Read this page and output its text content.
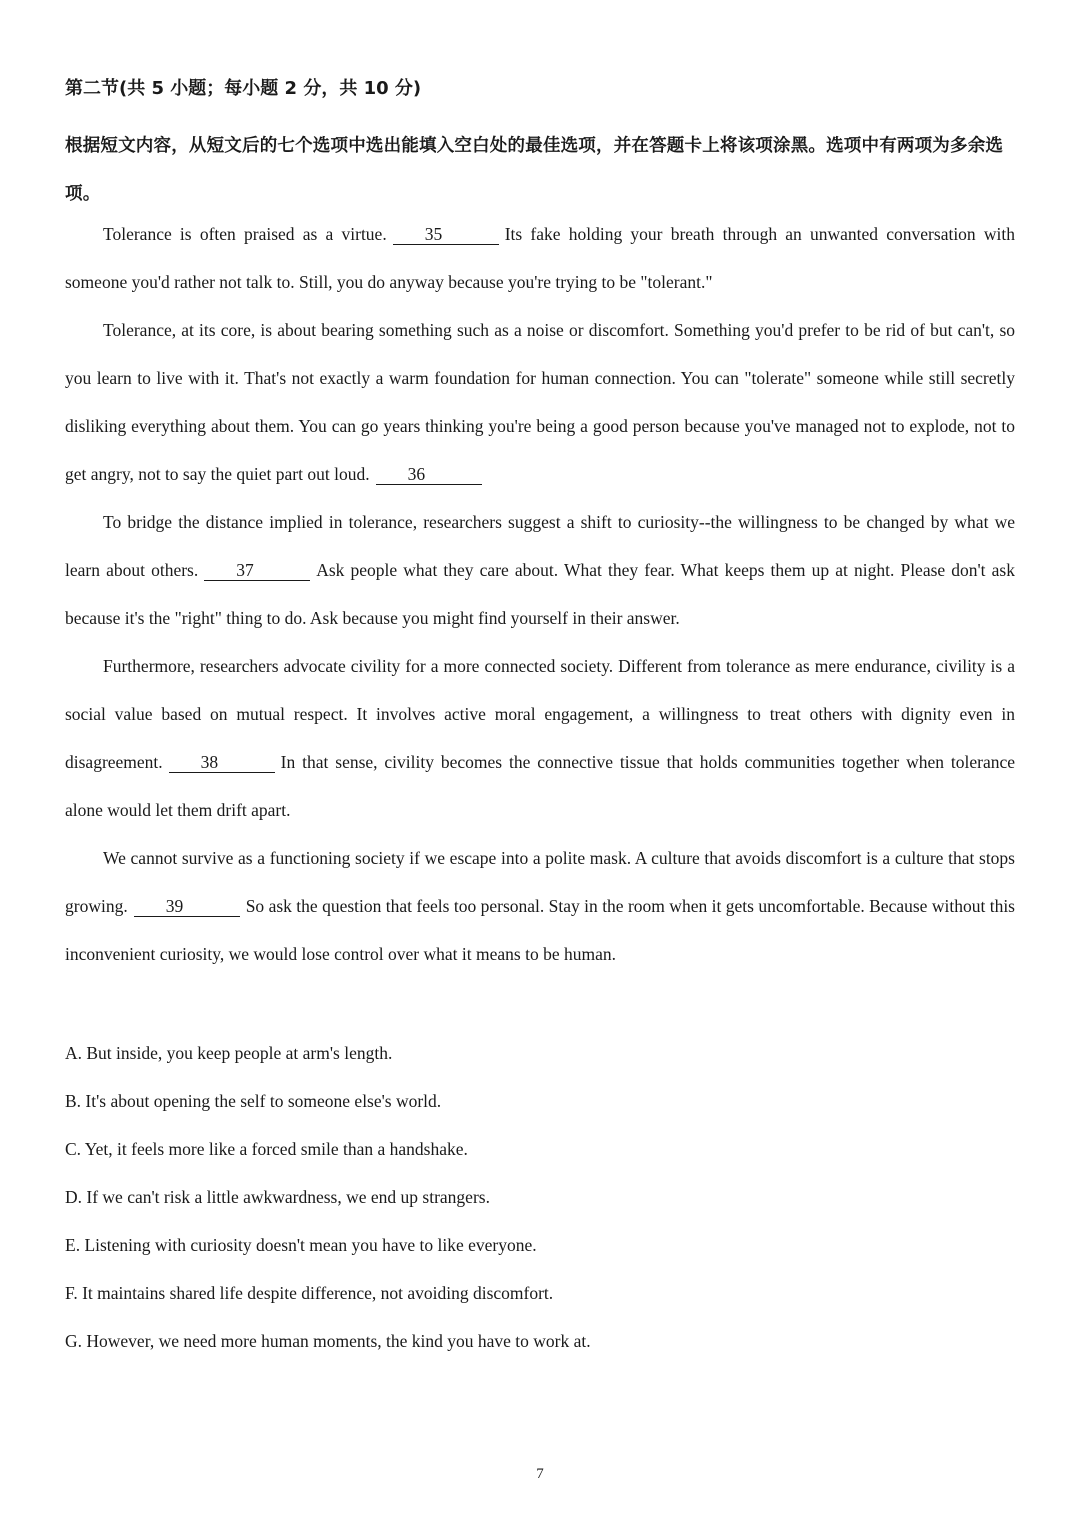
第二节(共 5 小题；每小题 2 分，共 10 分)
根据短文内容，从短文后的七个选项中选出能填入空白处的最佳选项，并在答题卡上将该项涂黑。选项中有两项为多余选项。

Tolerance is often praised as a virtue. 35	Its fake holding your breath through an unwanted conversation with someone you'd rather not talk to. Still, you do anyway because you're trying to be "tolerant."

Tolerance, at its core, is about bearing something such as a noise or discomfort. Something you'd prefer to be rid of but can't, so you learn to live with it. That's not exactly a warm foundation for human connection. You can "tolerate" someone while still secretly disliking everything about them. You can go years thinking you're being a good person because you've managed not to explode, not to get angry, not to say the quiet part out loud. 36

To bridge the distance implied in tolerance, researchers suggest a shift to curiosity--the willingness to be changed by what we learn about others. 37	Ask people what they care about. What they fear. What keeps them up at night. Please don't ask because it's the "right" thing to do. Ask because you might find yourself in their answer.

Furthermore, researchers advocate civility for a more connected society. Different from tolerance as mere endurance, civility is a social value based on mutual respect. It involves active moral engagement, a willingness to treat others with dignity even in disagreement. 38	In that sense, civility becomes the connective tissue that holds communities together when tolerance alone would let them drift apart.

We cannot survive as a functioning society if we escape into a polite mask. A culture that avoids discomfort is a culture that stops growing. 39	So ask the question that feels too personal. Stay in the room when it gets uncomfortable. Because without this inconvenient curiosity, we would lose control over what it means to be human.

A. But inside, you keep people at arm's length.
B. It's about opening the self to someone else's world.
C. Yet, it feels more like a forced smile than a handshake.
D. If we can't risk a little awkwardness, we end up strangers.
E. Listening with curiosity doesn't mean you have to like everyone.
F. It maintains shared life despite difference, not avoiding discomfort.
G. However, we need more human moments, the kind you have to work at.
7
